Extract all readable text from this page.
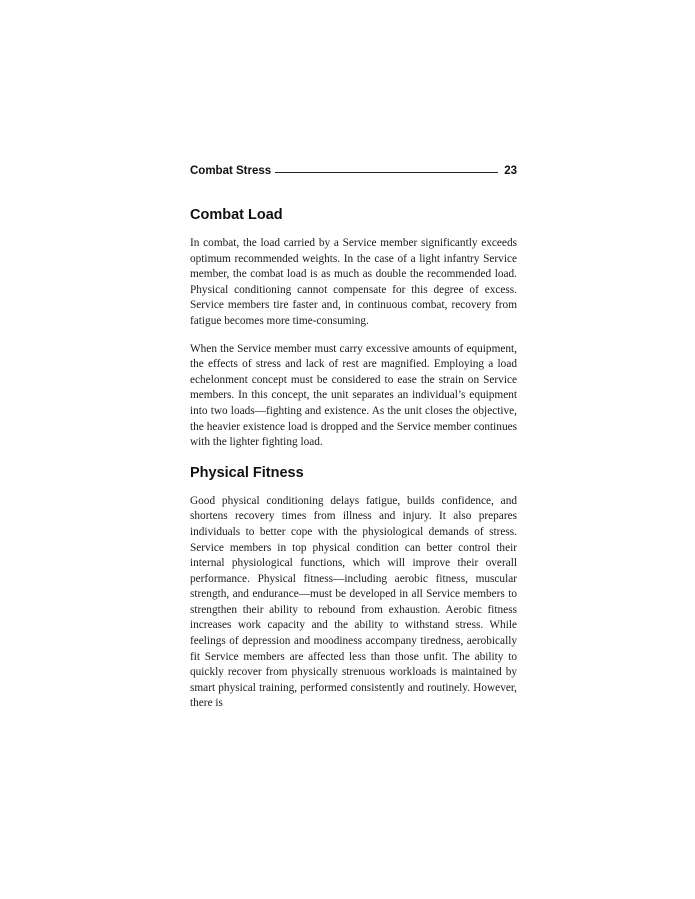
Combat Stress	23
Combat Load

In combat, the load carried by a Service member significantly exceeds optimum recommended weights. In the case of a light infantry Service member, the combat load is as much as double the recommended load. Physical conditioning cannot compensate for this degree of excess. Service members tire faster and, in continuous combat, recovery from fatigue becomes more time-consuming.

When the Service member must carry excessive amounts of equipment, the effects of stress and lack of rest are magnified. Employing a load echelonment concept must be considered to ease the strain on Service members. In this concept, the unit separates an individual’s equipment into two loads—fighting and existence. As the unit closes the objective, the heavier existence load is dropped and the Service member continues with the lighter fighting load.

Physical Fitness

Good physical conditioning delays fatigue, builds confidence, and shortens recovery times from illness and injury. It also prepares individuals to better cope with the physiological demands of stress. Service members in top physical condition can better control their internal physiological functions, which will improve their overall performance. Physical fitness—including aerobic fitness, muscular strength, and endurance—must be developed in all Service members to strengthen their ability to rebound from exhaustion. Aerobic fitness increases work capacity and the ability to withstand stress. While feelings of depression and moodiness accompany tiredness, aerobically fit Service members are affected less than those unfit. The ability to quickly recover from physically strenuous workloads is maintained by smart physical training, performed consistently and routinely. However, there is
